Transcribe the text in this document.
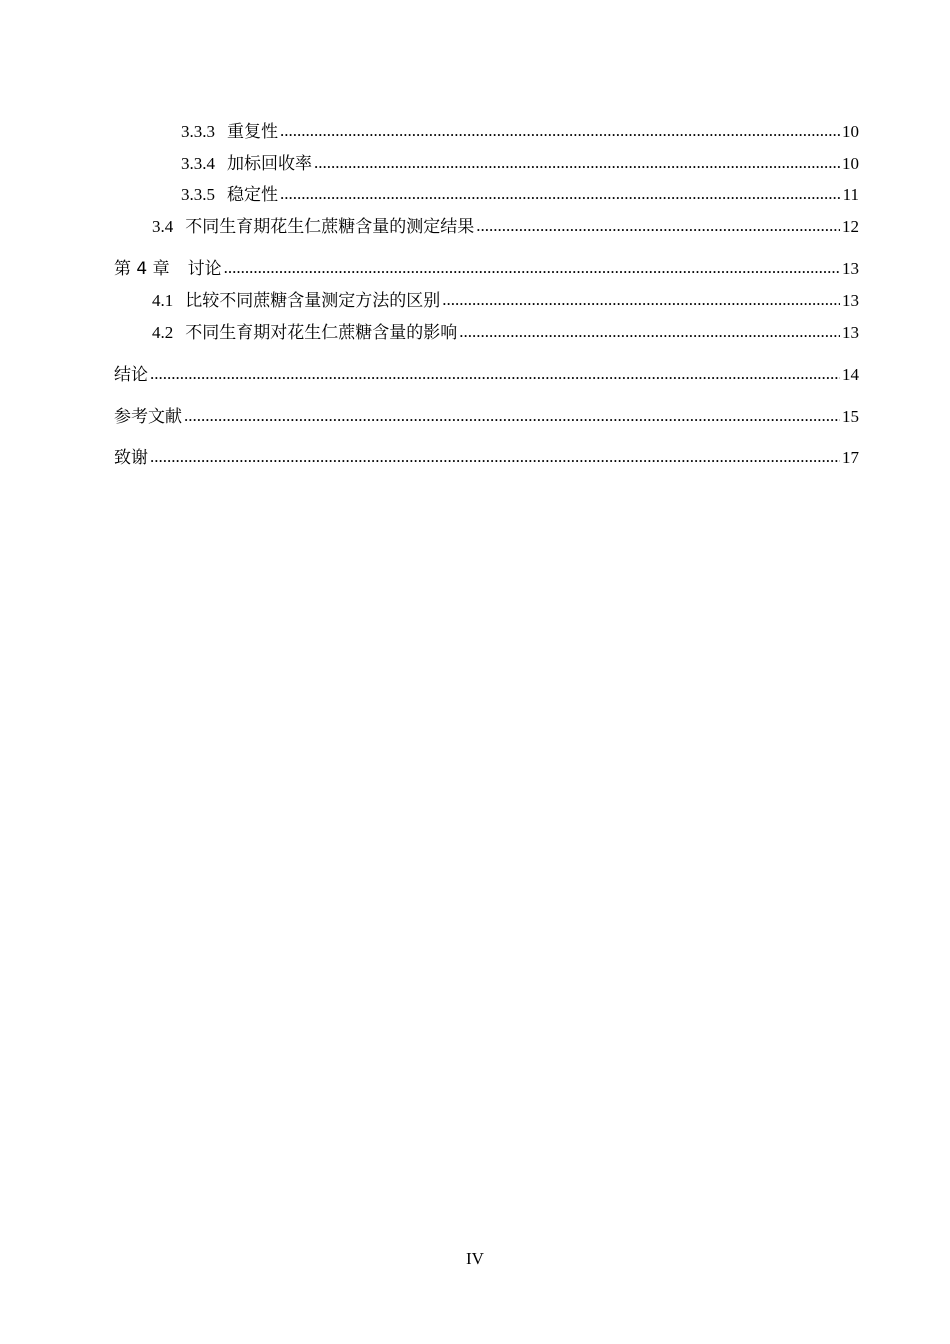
3.3.3 重复性 .....	10
3.3.4 加标回收率 .....	10
3.3.5 稳定性 .....	11
3.4 不同生育期花生仁蔗糖含量的测定结果 .....	12
第 4 章 讨论 .....	13
4.1 比较不同蔗糖含量测定方法的区别 .....	13
4.2 不同生育期对花生仁蔗糖含量的影响 .....	13
结论 .....	14
参考文献 .....	15
致谢 .....	17
IV
